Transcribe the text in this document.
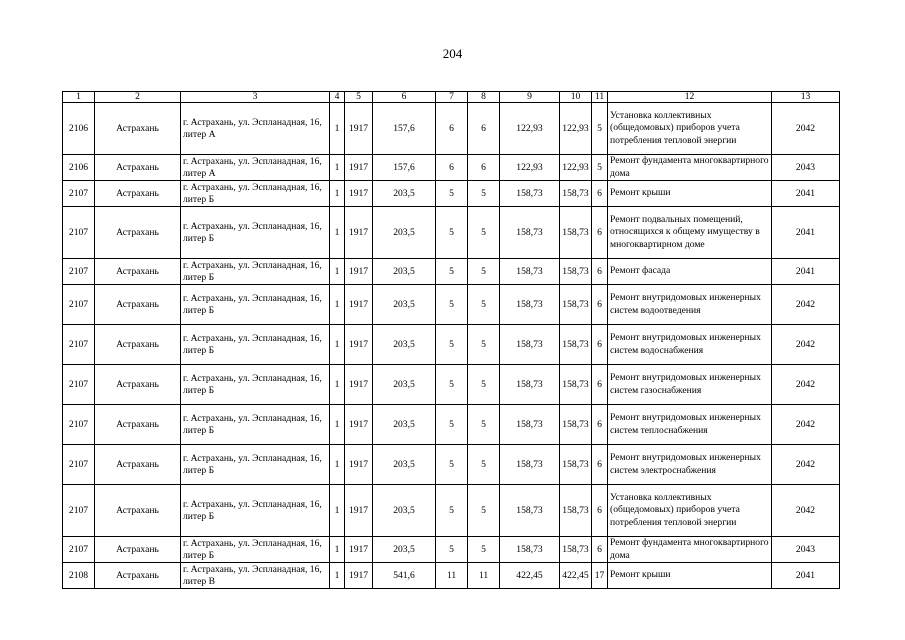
204
1	2	3	4	5	6	7	8	9	10	11	12	13
2106	Астрахань	г. Астрахань, ул. Эспланадная, 16, литер А	1	1917	157,6	6	6	122,93	122,93	5	Установка коллективных (общедомовых) приборов учета потребления тепловой энергии	2042
2106	Астрахань	г. Астрахань, ул. Эспланадная, 16, литер А	1	1917	157,6	6	6	122,93	122,93	5	Ремонт фундамента многоквартирного дома	2043
2107	Астрахань	г. Астрахань, ул. Эспланадная, 16, литер Б	1	1917	203,5	5	5	158,73	158,73	6	Ремонт крыши	2041
2107	Астрахань	г. Астрахань, ул. Эспланадная, 16, литер Б	1	1917	203,5	5	5	158,73	158,73	6	Ремонт подвальных помещений, относящихся к общему имуществу в многоквартирном доме	2041
2107	Астрахань	г. Астрахань, ул. Эспланадная, 16, литер Б	1	1917	203,5	5	5	158,73	158,73	6	Ремонт фасада	2041
2107	Астрахань	г. Астрахань, ул. Эспланадная, 16, литер Б	1	1917	203,5	5	5	158,73	158,73	6	Ремонт внутридомовых инженерных систем водоотведения	2042
2107	Астрахань	г. Астрахань, ул. Эспланадная, 16, литер Б	1	1917	203,5	5	5	158,73	158,73	6	Ремонт внутридомовых инженерных систем водоснабжения	2042
2107	Астрахань	г. Астрахань, ул. Эспланадная, 16, литер Б	1	1917	203,5	5	5	158,73	158,73	6	Ремонт внутридомовых инженерных систем газоснабжения	2042
2107	Астрахань	г. Астрахань, ул. Эспланадная, 16, литер Б	1	1917	203,5	5	5	158,73	158,73	6	Ремонт внутридомовых инженерных систем теплоснабжения	2042
2107	Астрахань	г. Астрахань, ул. Эспланадная, 16, литер Б	1	1917	203,5	5	5	158,73	158,73	6	Ремонт внутридомовых инженерных систем электроснабжения	2042
2107	Астрахань	г. Астрахань, ул. Эспланадная, 16, литер Б	1	1917	203,5	5	5	158,73	158,73	6	Установка коллективных (общедомовых) приборов учета потребления тепловой энергии	2042
2107	Астрахань	г. Астрахань, ул. Эспланадная, 16, литер Б	1	1917	203,5	5	5	158,73	158,73	6	Ремонт фундамента многоквартирного дома	2043
2108	Астрахань	г. Астрахань, ул. Эспланадная, 16, литер В	1	1917	541,6	11	11	422,45	422,45	17	Ремонт крыши	2041
